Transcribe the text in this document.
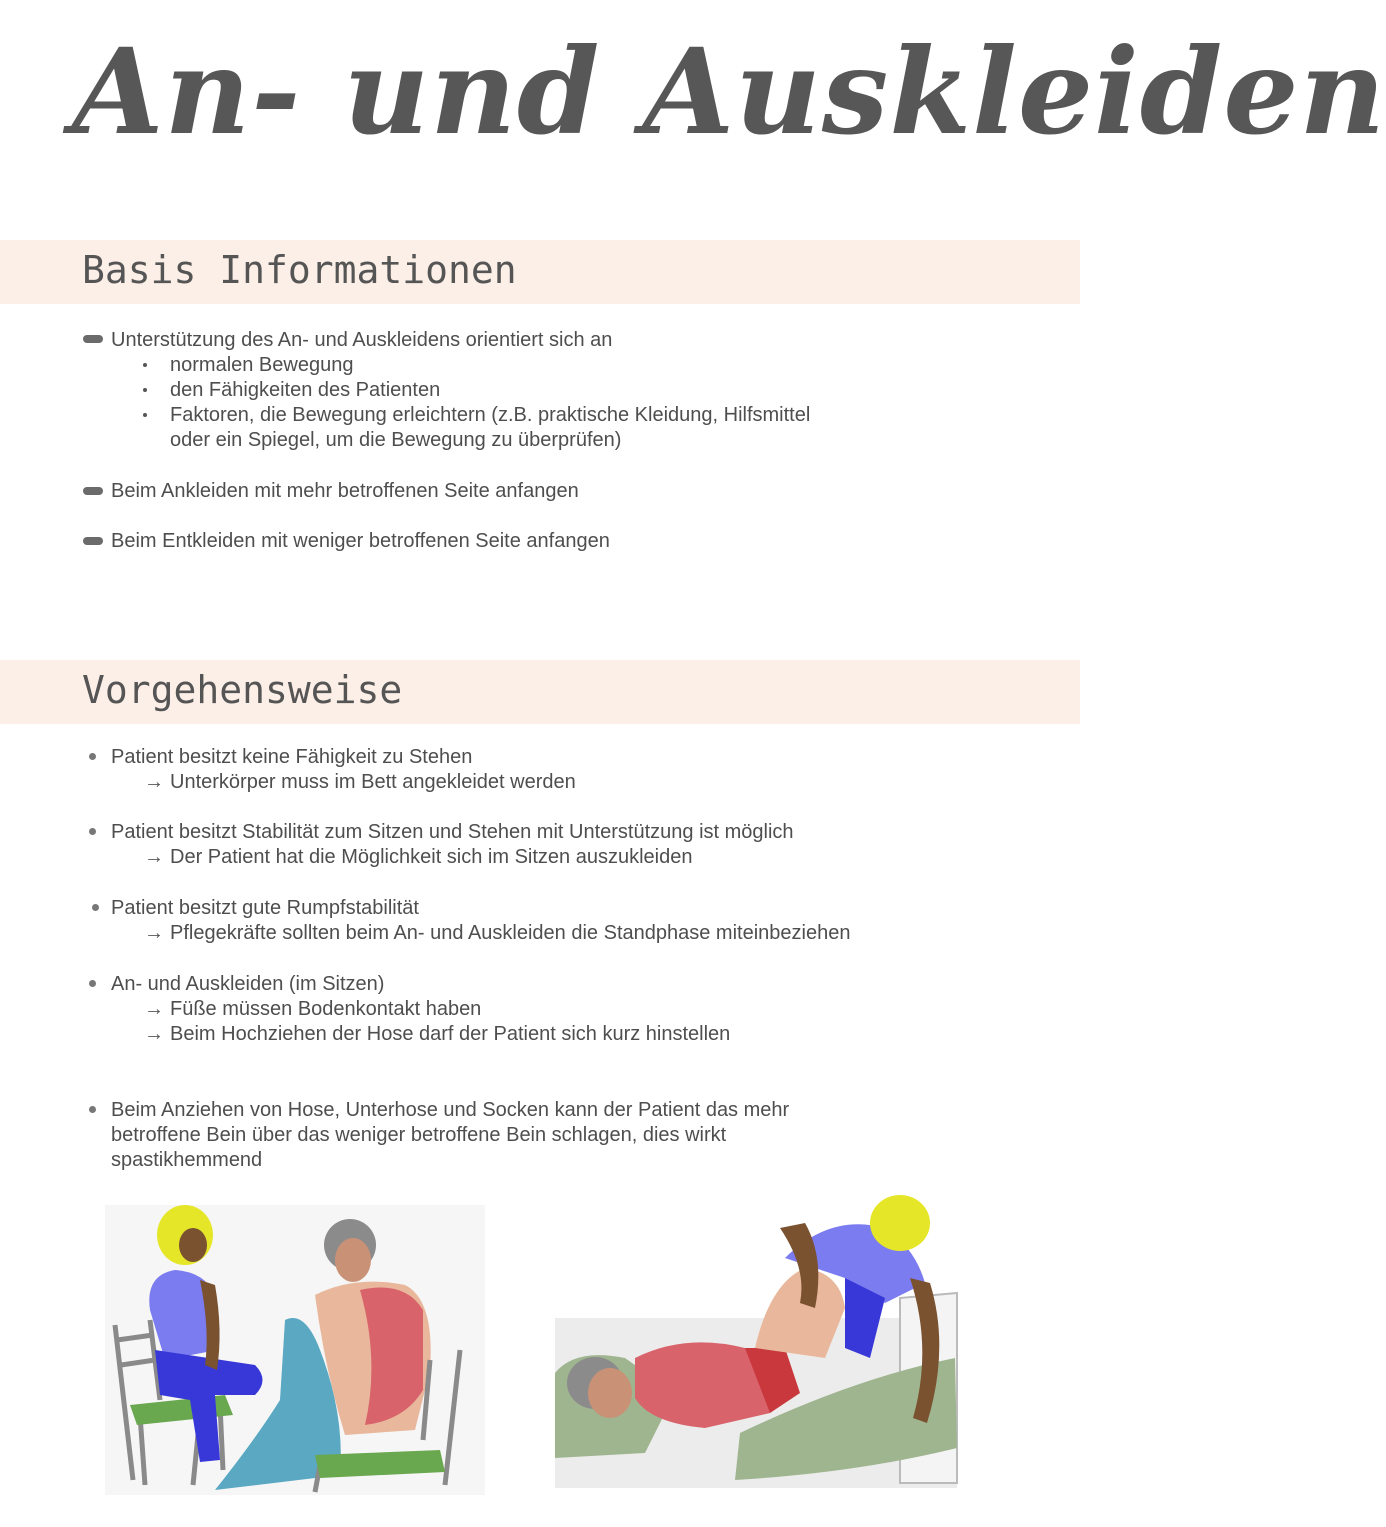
An- und Auskleiden
Basis Informationen
Unterstützung des An- und Auskleidens orientiert sich an
normalen Bewegung
den Fähigkeiten des Patienten
Faktoren, die Bewegung erleichtern (z.B. praktische Kleidung, Hilfsmittel
oder ein Spiegel, um die Bewegung zu überprüfen)
Beim Ankleiden mit mehr betroffenen Seite anfangen
Beim Entkleiden mit weniger betroffenen Seite anfangen
Vorgehensweise
Patient besitzt keine Fähigkeit zu Stehen
→ Unterkörper muss im Bett angekleidet werden
Patient besitzt Stabilität zum Sitzen und Stehen mit Unterstützung ist möglich
→ Der Patient hat die Möglichkeit sich im Sitzen auszukleiden
Patient besitzt gute Rumpfstabilität
→ Pflegekräfte sollten beim An- und Auskleiden die Standphase miteinbeziehen
An- und Auskleiden (im Sitzen)
→ Füße müssen Bodenkontakt haben
→ Beim Hochziehen der Hose darf der Patient sich kurz hinstellen
Beim Anziehen von Hose, Unterhose und Socken kann der Patient das mehr
betroffene Bein über das weniger betroffene Bein schlagen, dies wirkt
spastikhemmend
